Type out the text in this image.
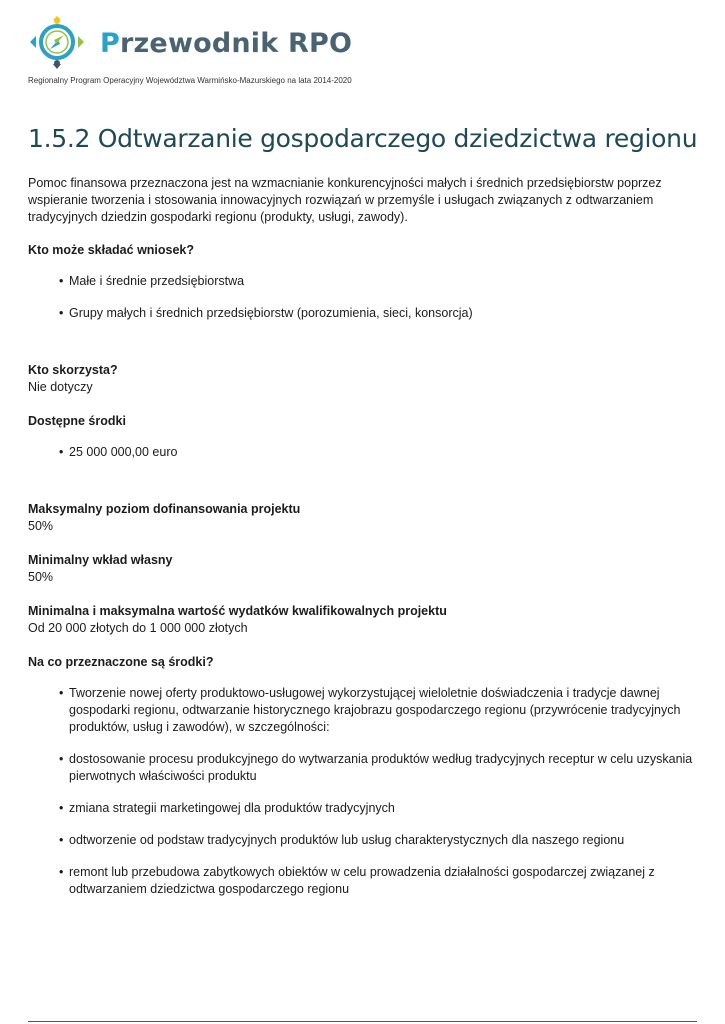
Przewodnik RPO
Regionalny Program Operacyjny Województwa Warmińsko-Mazurskiego na lata 2014-2020
1.5.2 Odtwarzanie gospodarczego dziedzictwa regionu

Pomoc finansowa przeznaczona jest na wzmacnianie konkurencyjności małych i średnich przedsiębiorstw poprzez wspieranie tworzenia i stosowania innowacyjnych rozwiązań w przemyśle i usługach związanych z odtwarzaniem tradycyjnych dziedzin gospodarki regionu (produkty, usługi, zawody).

Kto może składać wniosek?

• Małe i średnie przedsiębiorstwa
• Grupy małych i średnich przedsiębiorstw (porozumienia, sieci, konsorcja)

Kto skorzysta?

Nie dotyczy

Dostępne środki

• 25 000 000,00 euro

Maksymalny poziom dofinansowania projektu

50%

Minimalny wkład własny

50%

Minimalna i maksymalna wartość wydatków kwalifikowalnych projektu

Od 20 000 złotych do 1 000 000 złotych

Na co przeznaczone są środki?

• Tworzenie nowej oferty produktowo-usługowej wykorzystującej wieloletnie doświadczenia i tradycje dawnej gospodarki regionu, odtwarzanie historycznego krajobrazu gospodarczego regionu (przywrócenie tradycyjnych produktów, usług i zawodów), w szczególności:
• dostosowanie procesu produkcyjnego do wytwarzania produktów według tradycyjnych receptur w celu uzyskania pierwotnych właściwości produktu
• zmiana strategii marketingowej dla produktów tradycyjnych
• odtworzenie od podstaw tradycyjnych produktów lub usług charakterystycznych dla naszego regionu
• remont lub przebudowa zabytkowych obiektów w celu prowadzenia działalności gospodarczej związanej z odtwarzaniem dziedzictwa gospodarczego regionu
